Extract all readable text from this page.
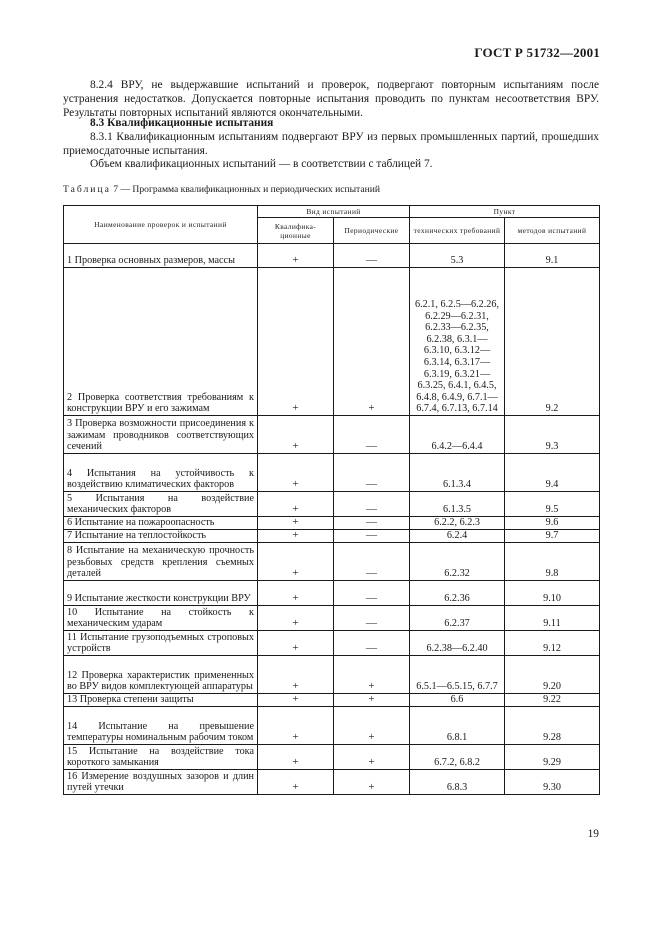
ГОСТ Р 51732—2001
8.2.4 ВРУ, не выдержавшие испытаний и проверок, подвергают повторным испытаниям после устранения недостатков. Допускается повторные испытания проводить по пунктам несоответствия ВРУ. Результаты повторных испытаний являются окончательными.
8.3 Квалификационные испытания
8.3.1 Квалификационным испытаниям подвергают ВРУ из первых промышленных партий, прошедших приемосдаточные испытания.
Объем квалификационных испытаний — в соответствии с таблицей 7.
Таблица 7 — Программа квалификационных и периодических испытаний
Наименование проверок и испытаний	Вид испытаний		Пункт	
	Квалифика-ционные	Периодические	технических требований	методов испытаний
1 Проверка основных размеров, массы	+	—	5.3	9.1
2 Проверка соответствия требованиям к конструкции ВРУ и его зажимам	+	+	6.2.1, 6.2.5—6.2.26, 6.2.29—6.2.31, 6.2.33—6.2.35, 6.2.38, 6.3.1—6.3.10, 6.3.12—6.3.14, 6.3.17—6.3.19, 6.3.21—6.3.25, 6.4.1, 6.4.5, 6.4.8, 6.4.9, 6.7.1—6.7.4, 6.7.13, 6.7.14	9.2
3 Проверка возможности присоединения к зажимам проводников соответствующих сечений	+	—	6.4.2—6.4.4	9.3
4 Испытания на устойчивость к воздействию климатических факторов	+	—	6.1.3.4	9.4
5 Испытания на воздействие механических факторов	+	—	6.1.3.5	9.5
6 Испытание на пожароопасность	+	—	6.2.2, 6.2.3	9.6
7 Испытание на теплостойкость	+	—	6.2.4	9.7
8 Испытание на механическую прочность резьбовых средств крепления съемных деталей	+	—	6.2.32	9.8
9 Испытание жесткости конструкции ВРУ	+	—	6.2.36	9.10
10 Испытание на стойкость к механическим ударам	+	—	6.2.37	9.11
11 Испытание грузоподъемных строповых устройств	+	—	6.2.38—6.2.40	9.12
12 Проверка характеристик примененных во ВРУ видов комплектующей аппаратуры	+	+	6.5.1—6.5.15, 6.7.7	9.20
13 Проверка степени защиты	+	+	6.6	9.22
14 Испытание на превышение температуры номинальным рабочим током	+	+	6.8.1	9.28
15 Испытание на воздействие тока короткого замыкания	+	+	6.7.2, 6.8.2	9.29
16 Измерение воздушных зазоров и длин путей утечки	+	+	6.8.3	9.30
19
